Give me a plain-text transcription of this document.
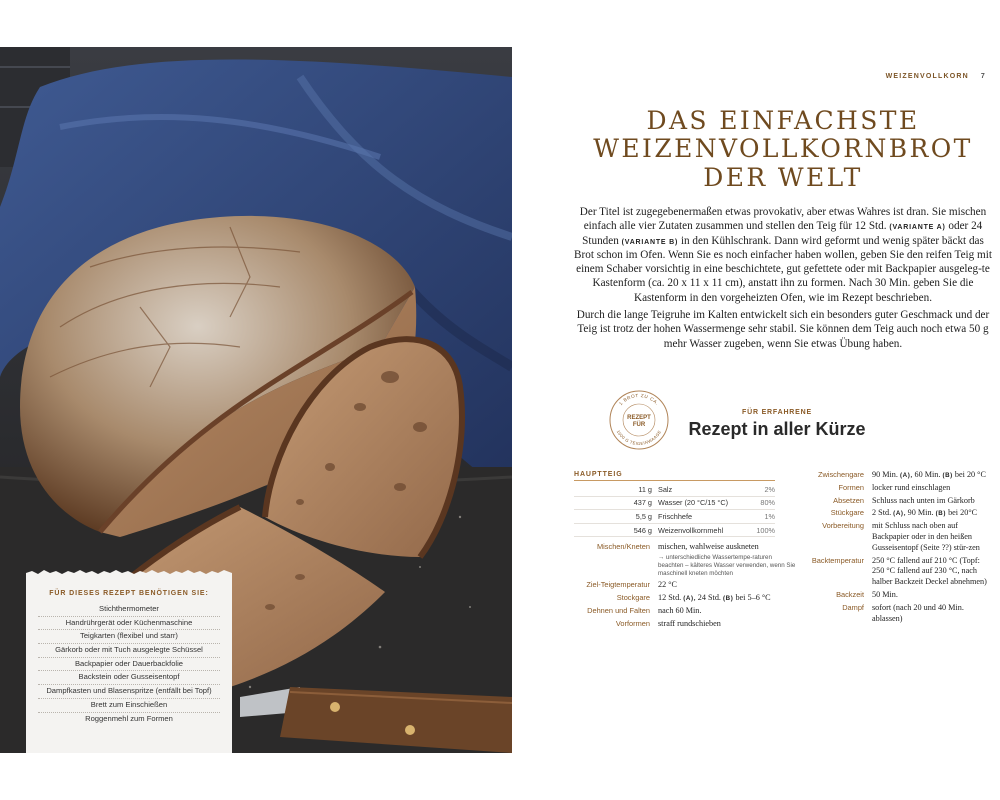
FÜR DIESES REZEPT BENÖTIGEN SIE:
Stichthermometer
Handrührgerät oder Küchenmaschine
Teigkarten (flexibel und starr)
Gärkorb oder mit Tuch ausgelegte Schüssel
Backpapier oder Dauerbackfolie
Backstein oder Gusseisentopf
Dampfkasten und Blasenspritze (entfällt bei Topf)
Brett zum Einschießen
Roggenmehl zum Formen
WEIZENVOLLKORN 7
DAS EINFACHSTE
WEIZENVOLLKORNBROT
DER WELT

Der Titel ist zugegebenermaßen etwas provokativ, aber etwas Wahres ist dran. Sie mischen einfach alle vier Zutaten zusammen und stellen den Teig für 12 Std. (VARIANTE A) oder 24 Stunden (VARIANTE B) in den Kühlschrank. Dann wird geformt und wenig später bäckt das Brot schon im Ofen. Wenn Sie es noch einfacher haben wollen, geben Sie den reifen Teig mit einem Schaber vorsichtig in eine beschichtete, gut gefettete oder mit Backpapier ausgeleg-te Kastenform (ca. 20 x 11 x 11 cm), anstatt ihn zu formen. Nach 30 Min. geben Sie die Kastenform in den vorgeheizten Ofen, wie im Rezept beschrieben.

Durch die lange Teigruhe im Kalten entwickelt sich ein besonders guter Geschmack und der Teig ist trotz der hohen Wassermenge sehr stabil. Sie können dem Teig auch noch etwa 50 g mehr Wasser zugeben, wenn Sie etwas Übung haben.

1 BROT ZU CA.
1000 G TEIGEINWAAGE
REZEPT
FÜR
FÜR ERFAHRENE
Rezept in aller Kürze
HAUPTTEIG
11 g	Salz	2%
437 g	Wasser (20 °C/15 °C)	80%
5,5 g	Frischhefe	1%
546 g	Weizenvollkornmehl	100%
Mischen/Kneten	mischen, wahlweise auskneten
→ unterschiedliche Wassertempe-raturen beachten – kälteres Wasser verwenden, wenn Sie maschinell kneten möchten

Ziel-Teigtemperatur	22 °C
Stockgare	12 Std. (A), 24 Std. (B) bei 5–6 °C
Dehnen und Falten	nach 60 Min.
Vorformen	straff rundschieben
Zwischengare	90 Min. (A), 60 Min. (B) bei 20 °C
Formen	locker rund einschlagen
Absetzen	Schluss nach unten im Gärkorb
Stückgare	2 Std. (A), 90 Min. (B) bei 20°C
Vorbereitung	mit Schluss nach oben auf Backpapier oder in den heißen Gusseisentopf (Seite ??) stür-zen
Backtemperatur	250 °C fallend auf 210 °C (Topf: 250 °C fallend auf 230 °C, nach halber Backzeit Deckel abnehmen)
Backzeit	50 Min.
Dampf	sofort (nach 20 und 40 Min. ablassen)
